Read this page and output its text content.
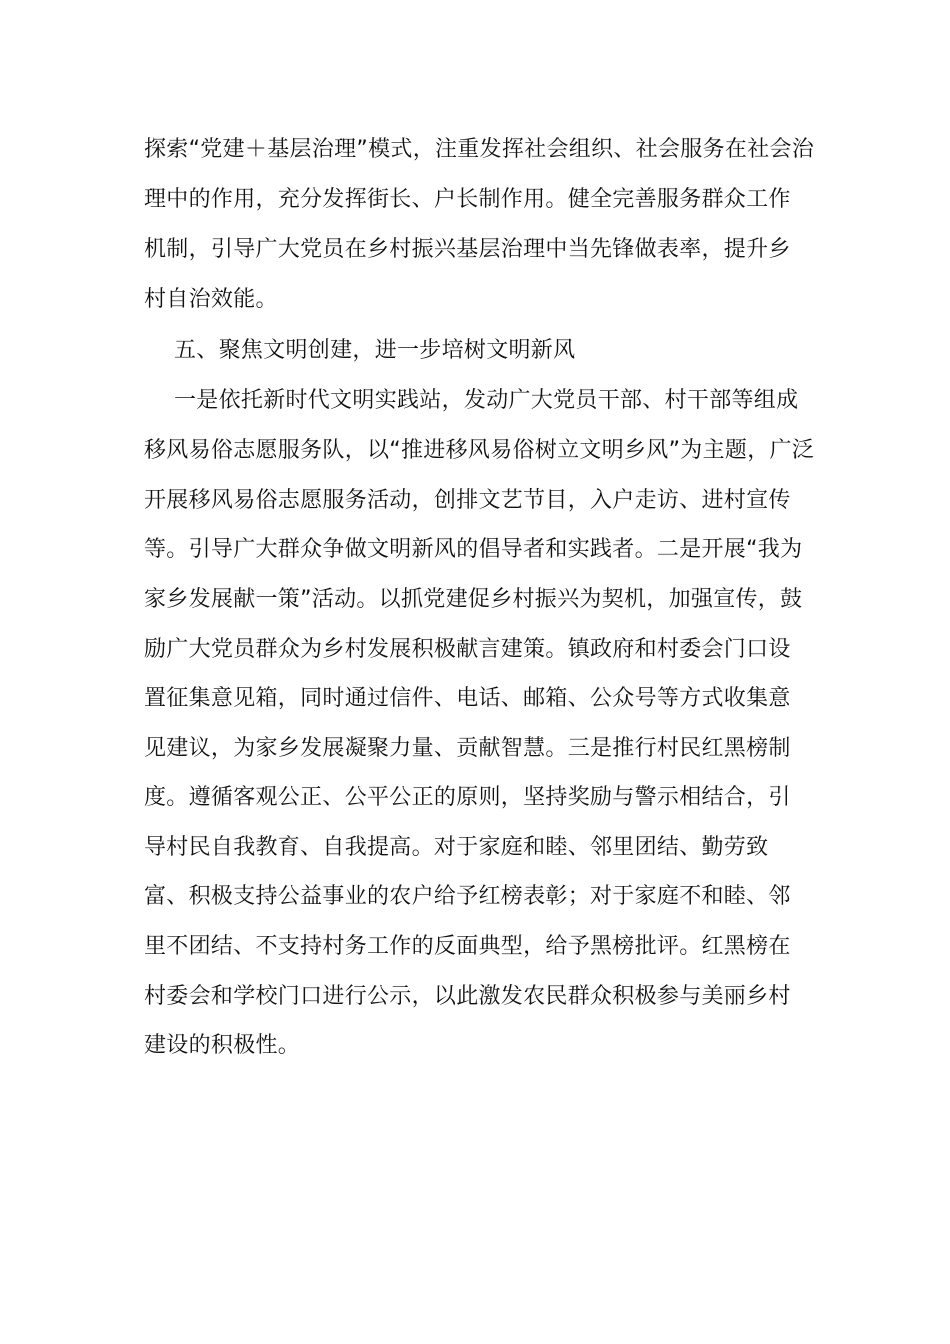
探索“党建＋基层治理”模式，注重发挥社会组织、社会服务在社会治
理中的作用，充分发挥街长、户长制作用。健全完善服务群众工作
机制，引导广大党员在乡村振兴基层治理中当先锋做表率，提升乡
村自治效能。
五、聚焦文明创建，进一步培树文明新风
一是依托新时代文明实践站，发动广大党员干部、村干部等组成
移风易俗志愿服务队，以“推进移风易俗树立文明乡风”为主题，广泛
开展移风易俗志愿服务活动，创排文艺节目，入户走访、进村宣传
等。引导广大群众争做文明新风的倡导者和实践者。二是开展“我为
家乡发展献一策”活动。以抓党建促乡村振兴为契机，加强宣传，鼓
励广大党员群众为乡村发展积极献言建策。镇政府和村委会门口设
置征集意见箱，同时通过信件、电话、邮箱、公众号等方式收集意
见建议，为家乡发展凝聚力量、贡献智慧。三是推行村民红黑榜制
度。遵循客观公正、公平公正的原则，坚持奖励与警示相结合，引
导村民自我教育、自我提高。对于家庭和睦、邻里团结、勤劳致
富、积极支持公益事业的农户给予红榜表彰；对于家庭不和睦、邻
里不团结、不支持村务工作的反面典型，给予黑榜批评。红黑榜在
村委会和学校门口进行公示，以此激发农民群众积极参与美丽乡村
建设的积极性。
